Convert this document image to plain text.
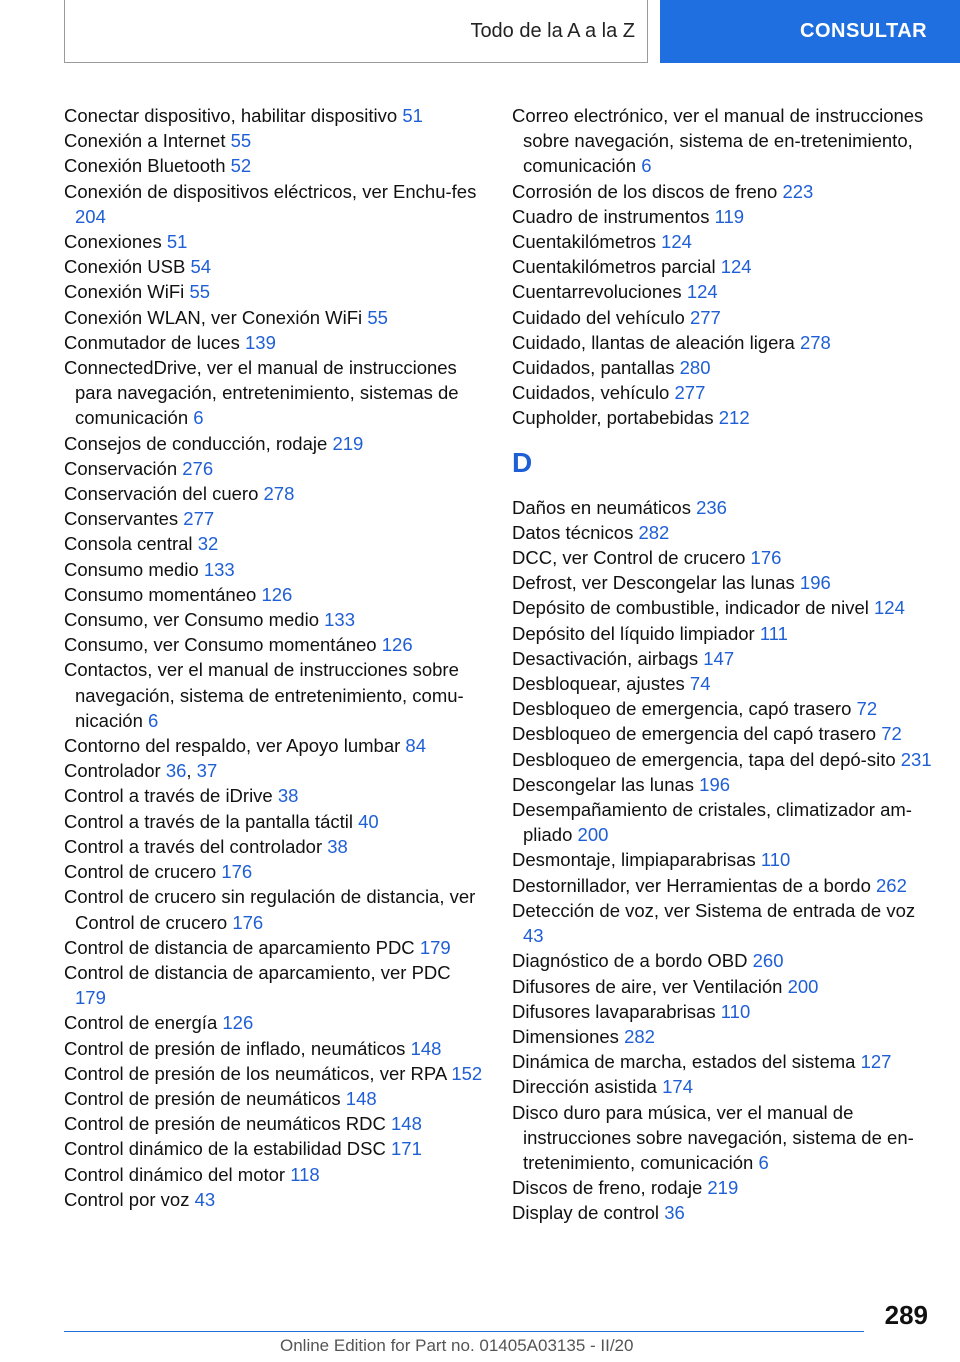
Todo de la A a la Z	CONSULTAR
Conectar dispositivo, habilitar dispositivo 51
Conexión a Internet 55
Conexión Bluetooth 52
Conexión de dispositivos eléctricos, ver Enchu-fes 204
Conexiones 51
Conexión USB 54
Conexión WiFi 55
Conexión WLAN, ver Conexión WiFi 55
Conmutador de luces 139
ConnectedDrive, ver el manual de instrucciones para navegación, entretenimiento, sistemas de comunicación 6
Consejos de conducción, rodaje 219
Conservación 276
Conservación del cuero 278
Conservantes 277
Consola central 32
Consumo medio 133
Consumo momentáneo 126
Consumo, ver Consumo medio 133
Consumo, ver Consumo momentáneo 126
Contactos, ver el manual de instrucciones sobre navegación, sistema de entretenimiento, comu-nicación 6
Contorno del respaldo, ver Apoyo lumbar 84
Controlador 36, 37
Control a través de iDrive 38
Control a través de la pantalla táctil 40
Control a través del controlador 38
Control de crucero 176
Control de crucero sin regulación de distancia, ver Control de crucero 176
Control de distancia de aparcamiento PDC 179
Control de distancia de aparcamiento, ver PDC 179
Control de energía 126
Control de presión de inflado, neumáticos 148
Control de presión de los neumáticos, ver RPA 152
Control de presión de neumáticos 148
Control de presión de neumáticos RDC 148
Control dinámico de la estabilidad DSC 171
Control dinámico del motor 118
Control por voz 43
Correo electrónico, ver el manual de instrucciones sobre navegación, sistema de en-tretenimiento, comunicación 6
Corrosión de los discos de freno 223
Cuadro de instrumentos 119
Cuentakilómetros 124
Cuentakilómetros parcial 124
Cuentarrevoluciones 124
Cuidado del vehículo 277
Cuidado, llantas de aleación ligera 278
Cuidados, pantallas 280
Cuidados, vehículo 277
Cupholder, portabebidas 212
D
Daños en neumáticos 236
Datos técnicos 282
DCC, ver Control de crucero 176
Defrost, ver Descongelar las lunas 196
Depósito de combustible, indicador de nivel 124
Depósito del líquido limpiador 111
Desactivación, airbags 147
Desbloquear, ajustes 74
Desbloqueo de emergencia, capó trasero 72
Desbloqueo de emergencia del capó trasero 72
Desbloqueo de emergencia, tapa del depó-sito 231
Descongelar las lunas 196
Desempañamiento de cristales, climatizador am-pliado 200
Desmontaje, limpiaparabrisas 110
Destornillador, ver Herramientas de a bordo 262
Detección de voz, ver Sistema de entrada de voz 43
Diagnóstico de a bordo OBD 260
Difusores de aire, ver Ventilación 200
Difusores lavaparabrisas 110
Dimensiones 282
Dinámica de marcha, estados del sistema 127
Dirección asistida 174
Disco duro para música, ver el manual de instrucciones sobre navegación, sistema de en-tretenimiento, comunicación 6
Discos de freno, rodaje 219
Display de control 36
289
Online Edition for Part no. 01405A03135 - II/20
